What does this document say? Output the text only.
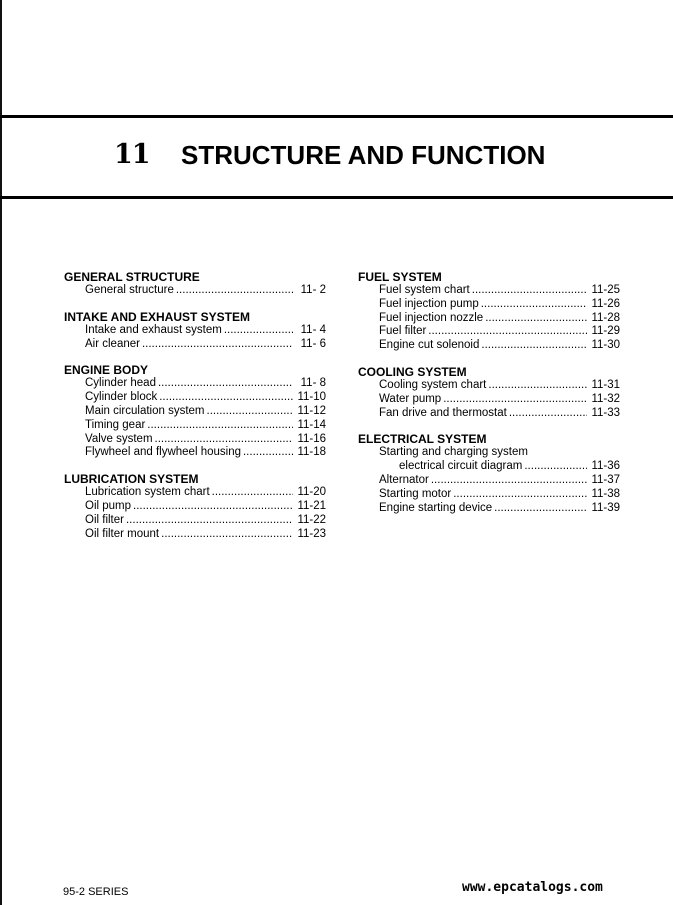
11 STRUCTURE AND FUNCTION
GENERAL STRUCTURE
General structure .....	11- 2
INTAKE AND EXHAUST SYSTEM
Intake and exhaust system .....	11- 4
Air cleaner .....	11- 6
ENGINE BODY
Cylinder head .....	11- 8
Cylinder block .....	11-10
Main circulation system .....	11-12
Timing gear .....	11-14
Valve system .....	11-16
Flywheel and flywheel housing .....	11-18
LUBRICATION SYSTEM
Lubrication system chart .....	11-20
Oil pump .....	11-21
Oil filter .....	11-22
Oil filter mount .....	11-23
FUEL SYSTEM
Fuel system chart .....	11-25
Fuel injection pump .....	11-26
Fuel injection nozzle .....	11-28
Fuel filter .....	11-29
Engine cut solenoid .....	11-30
COOLING SYSTEM
Cooling system chart .....	11-31
Water pump .....	11-32
Fan drive and thermostat .....	11-33
ELECTRICAL SYSTEM
Starting and charging system
electrical circuit diagram .....	11-36
Alternator .....	11-37
Starting motor .....	11-38
Engine starting device .....	11-39
95-2 SERIES	www.epcatalogs.com
